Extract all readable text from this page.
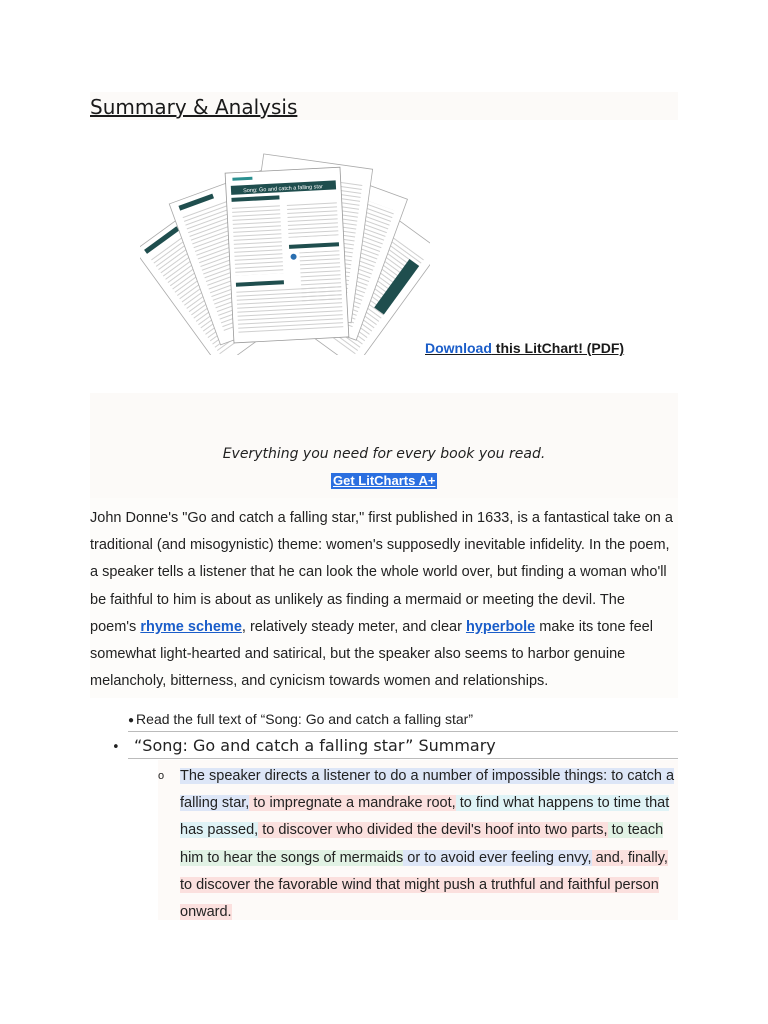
Summary & Analysis
Song: Go and catch a falling star
Download this LitChart! (PDF)
Everything you need for every book you read.
Get LitCharts A+

John Donne's "Go and catch a falling star," first published in 1633, is a fantastical take on a traditional (and misogynistic) theme: women's supposedly inevitable infidelity. In the poem, a speaker tells a listener that he can look the whole world over, but finding a woman who'll be faithful to him is about as unlikely as finding a mermaid or meeting the devil. The poem's rhyme scheme, relatively steady meter, and clear hyperbole make its tone feel somewhat light-hearted and satirical, but the speaker also seems to harbor genuine melancholy, bitterness, and cynicism towards women and relationships.

● Read the full text of “Song: Go and catch a falling star”
• “Song: Go and catch a falling star” Summary
o The speaker directs a listener to do a number of impossible things: to catch a falling star, to impregnate a mandrake root, to find what happens to time that has passed, to discover who divided the devil's hoof into two parts, to teach him to hear the songs of mermaids or to avoid ever feeling envy, and, finally, to discover the favorable wind that might push a truthful and faithful person onward.
